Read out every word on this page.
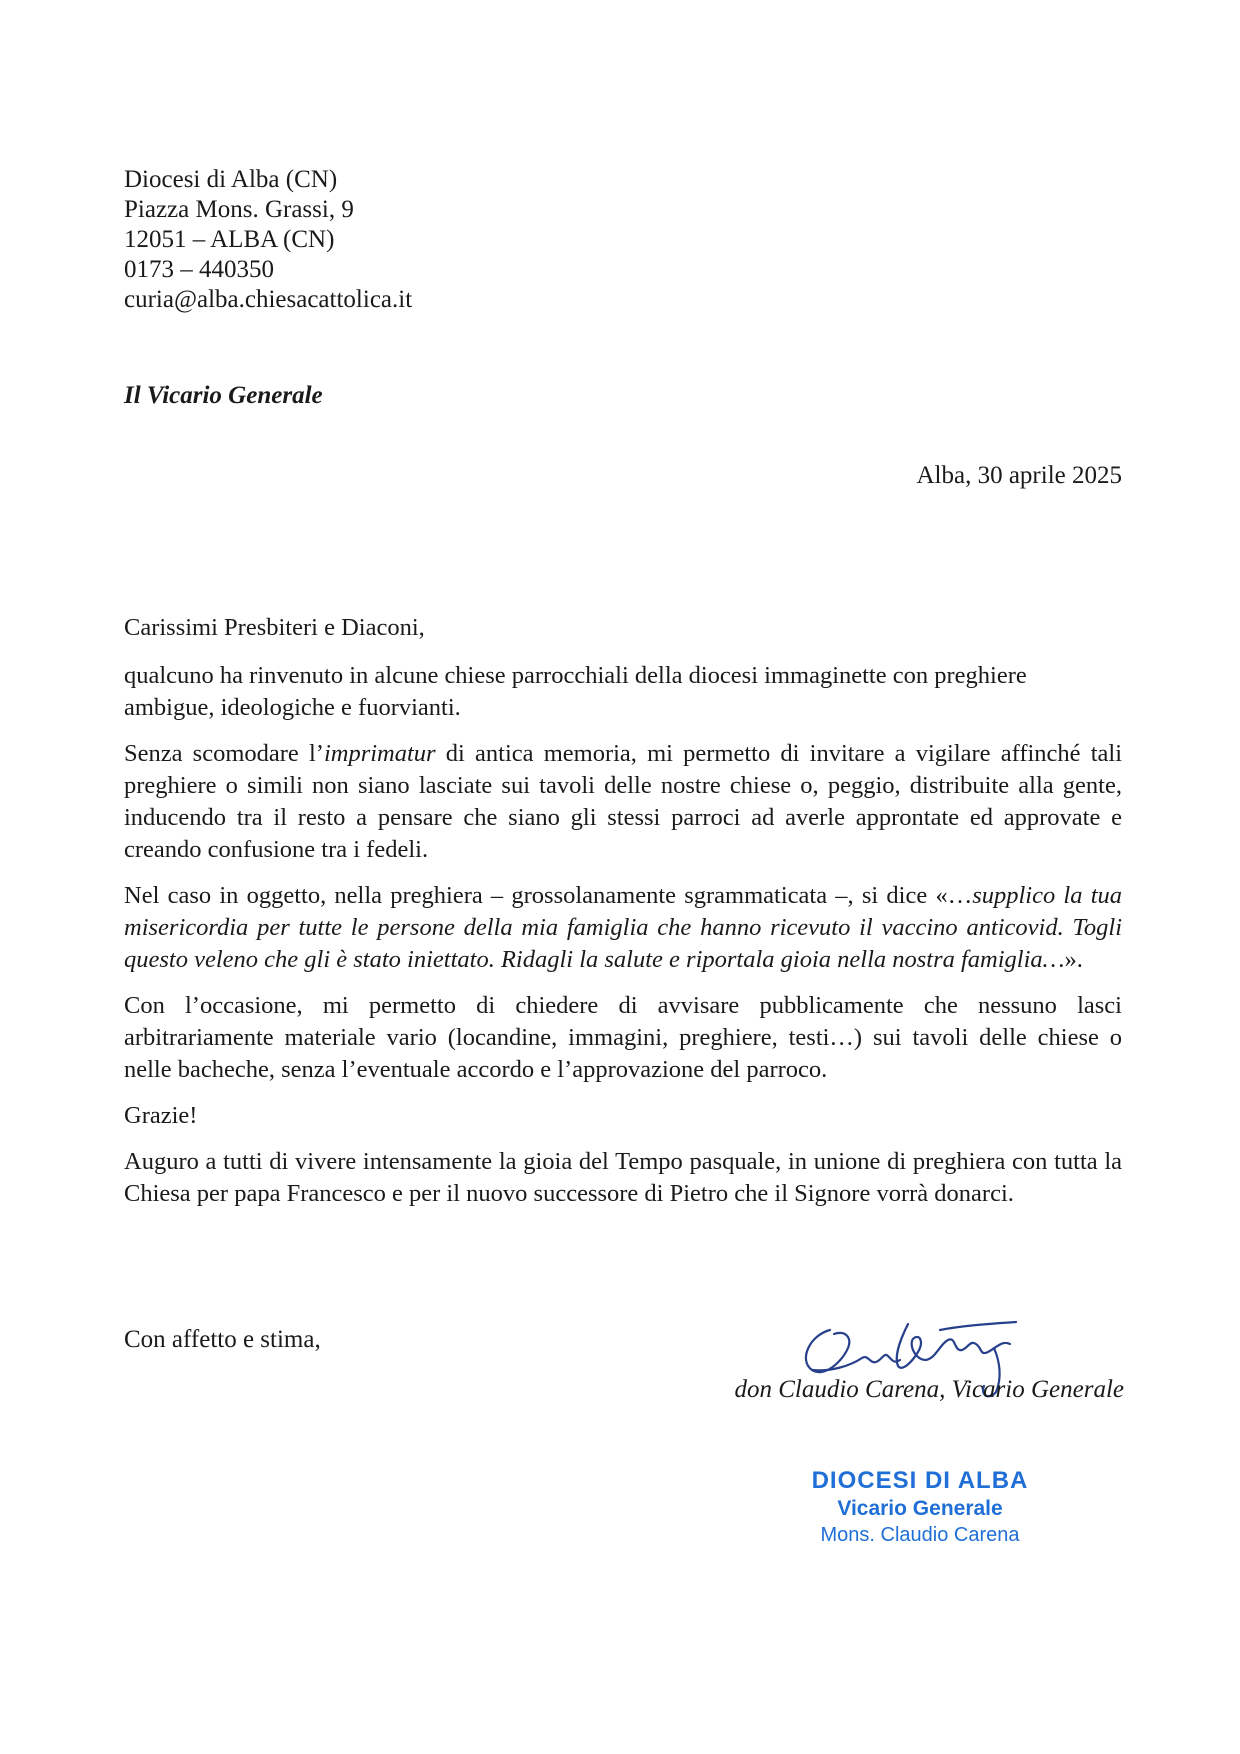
Diocesi di Alba (CN)
Piazza Mons. Grassi, 9
12051 – ALBA (CN)
0173 – 440350
curia@alba.chiesacattolica.it
Il Vicario Generale
Alba, 30 aprile 2025

Carissimi Presbiteri e Diaconi,

qualcuno ha rinvenuto in alcune chiese parrocchiali della diocesi immaginette con preghiere ambigue, ideologiche e fuorvianti.

Senza scomodare l’imprimatur di antica memoria, mi permetto di invitare a vigilare affinché tali preghiere o simili non siano lasciate sui tavoli delle nostre chiese o, peggio, distribuite alla gente, inducendo tra il resto a pensare che siano gli stessi parroci ad averle approntate ed approvate e creando confusione tra i fedeli.

Nel caso in oggetto, nella preghiera – grossolanamente sgrammaticata –, si dice «…supplico la tua misericordia per tutte le persone della mia famiglia che hanno ricevuto il vaccino anticovid. Togli questo veleno che gli è stato iniettato. Ridagli la salute e riportala gioia nella nostra famiglia…».

Con l’occasione, mi permetto di chiedere di avvisare pubblicamente che nessuno lasci arbitrariamente materiale vario (locandine, immagini, preghiere, testi…) sui tavoli delle chiese o nelle bacheche, senza l’eventuale accordo e l’approvazione del parroco.

Grazie!

Auguro a tutti di vivere intensamente la gioia del Tempo pasquale, in unione di preghiera con tutta la Chiesa per papa Francesco e per il nuovo successore di Pietro che il Signore vorrà donarci.

Con affetto e stima,
don Claudio Carena, Vicario Generale
DIOCESI DI ALBA
Vicario Generale
Mons. Claudio Carena
